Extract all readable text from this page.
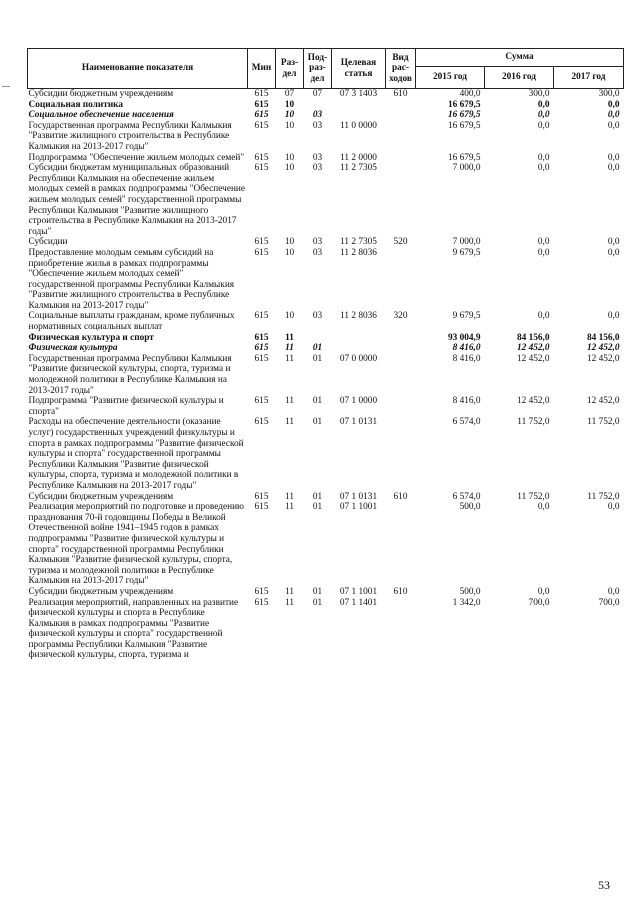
Наименование показателя	Мин	Раз-
дел	Под-
раз-
дел	Целевая
статья	Вид
рас-
ходов	Сумма		
						2015 год	2016 год	2017 год
Субсидии бюджетным учреждениям	615	07	07	07 3 1403	610	400,0	300,0	300,0
Социальная политика	615	10				16 679,5	0,0	0,0
Социальное обеспечение населения	615	10	03			16 679,5	0,0	0,0
Государственная программа Республики Калмыкия "Развитие жилищного строительства в Республике Калмыкия на 2013-2017 годы"	615	10	03	11 0 0000		16 679,5	0,0	0,0
Подпрограмма "Обеспечение жильем молодых семей"	615	10	03	11 2 0000		16 679,5	0,0	0,0
Субсидии бюджетам муниципальных образований Республики Калмыкия на обеспечение жильем молодых семей в рамках подпрограммы "Обеспечение жильем молодых семей" государственной программы Республики Калмыкия "Развитие жилищного строительства в Республике Калмыкия на 2013-2017 годы"	615	10	03	11 2 7305		7 000,0	0,0	0,0
Субсидии	615	10	03	11 2 7305	520	7 000,0	0,0	0,0
Предоставление молодым семьям субсидий на приобретение жилья в рамках подпрограммы "Обеспечение жильем молодых семей" государственной программы Республики Калмыкия "Развитие жилищного строительства в Республике Калмыкия на 2013-2017 годы"	615	10	03	11 2 8036		9 679,5	0,0	0,0
Социальные выплаты гражданам, кроме публичных нормативных социальных выплат	615	10	03	11 2 8036	320	9 679,5	0,0	0,0
Физическая культура и спорт	615	11				93 004,9	84 156,0	84 156,0
Физическая культура	615	11	01			8 416,0	12 452,0	12 452,0
Государственная программа Республики Калмыкия "Развитие физической культуры, спорта, туризма и молодежной политики в Республике Калмыкия на 2013-2017 годы"	615	11	01	07 0 0000		8 416,0	12 452,0	12 452,0
Подпрограмма "Развитие физической культуры и спорта"	615	11	01	07 1 0000		8 416,0	12 452,0	12 452,0
Расходы на обеспечение деятельности (оказание услуг) государственных учреждений физкультуры и спорта в рамках подпрограммы "Развитие физической культуры и спорта" государственной программы Республики Калмыкия "Развитие физической культуры, спорта, туризма и молодежной политики в Республике Калмыкия на 2013-2017 годы"	615	11	01	07 1 0131		6 574,0	11 752,0	11 752,0
Субсидии бюджетным учреждениям	615	11	01	07 1 0131	610	6 574,0	11 752,0	11 752,0
Реализация мероприятий по подготовке и проведению празднования 70-й годовщины Победы в Великой Отечественной войне 1941–1945 годов в рамках подпрограммы "Развитие физической культуры и спорта" государственной программы Республики Калмыкия "Развитие физической культуры, спорта, туризма и молодежной политики в Республике Калмыкия на 2013-2017 годы"	615	11	01	07 1 1001		500,0	0,0	0,0
Субсидии бюджетным учреждениям	615	11	01	07 1 1001	610	500,0	0,0	0,0
Реализация мероприятий, направленных на развитие физической культуры и спорта в Республике Калмыкия в рамках подпрограммы "Развитие физической культуры и спорта" государственной программы Республики Калмыкия "Развитие физической культуры, спорта, туризма и	615	11	01	07 1 1401		1 342,0	700,0	700,0
53
